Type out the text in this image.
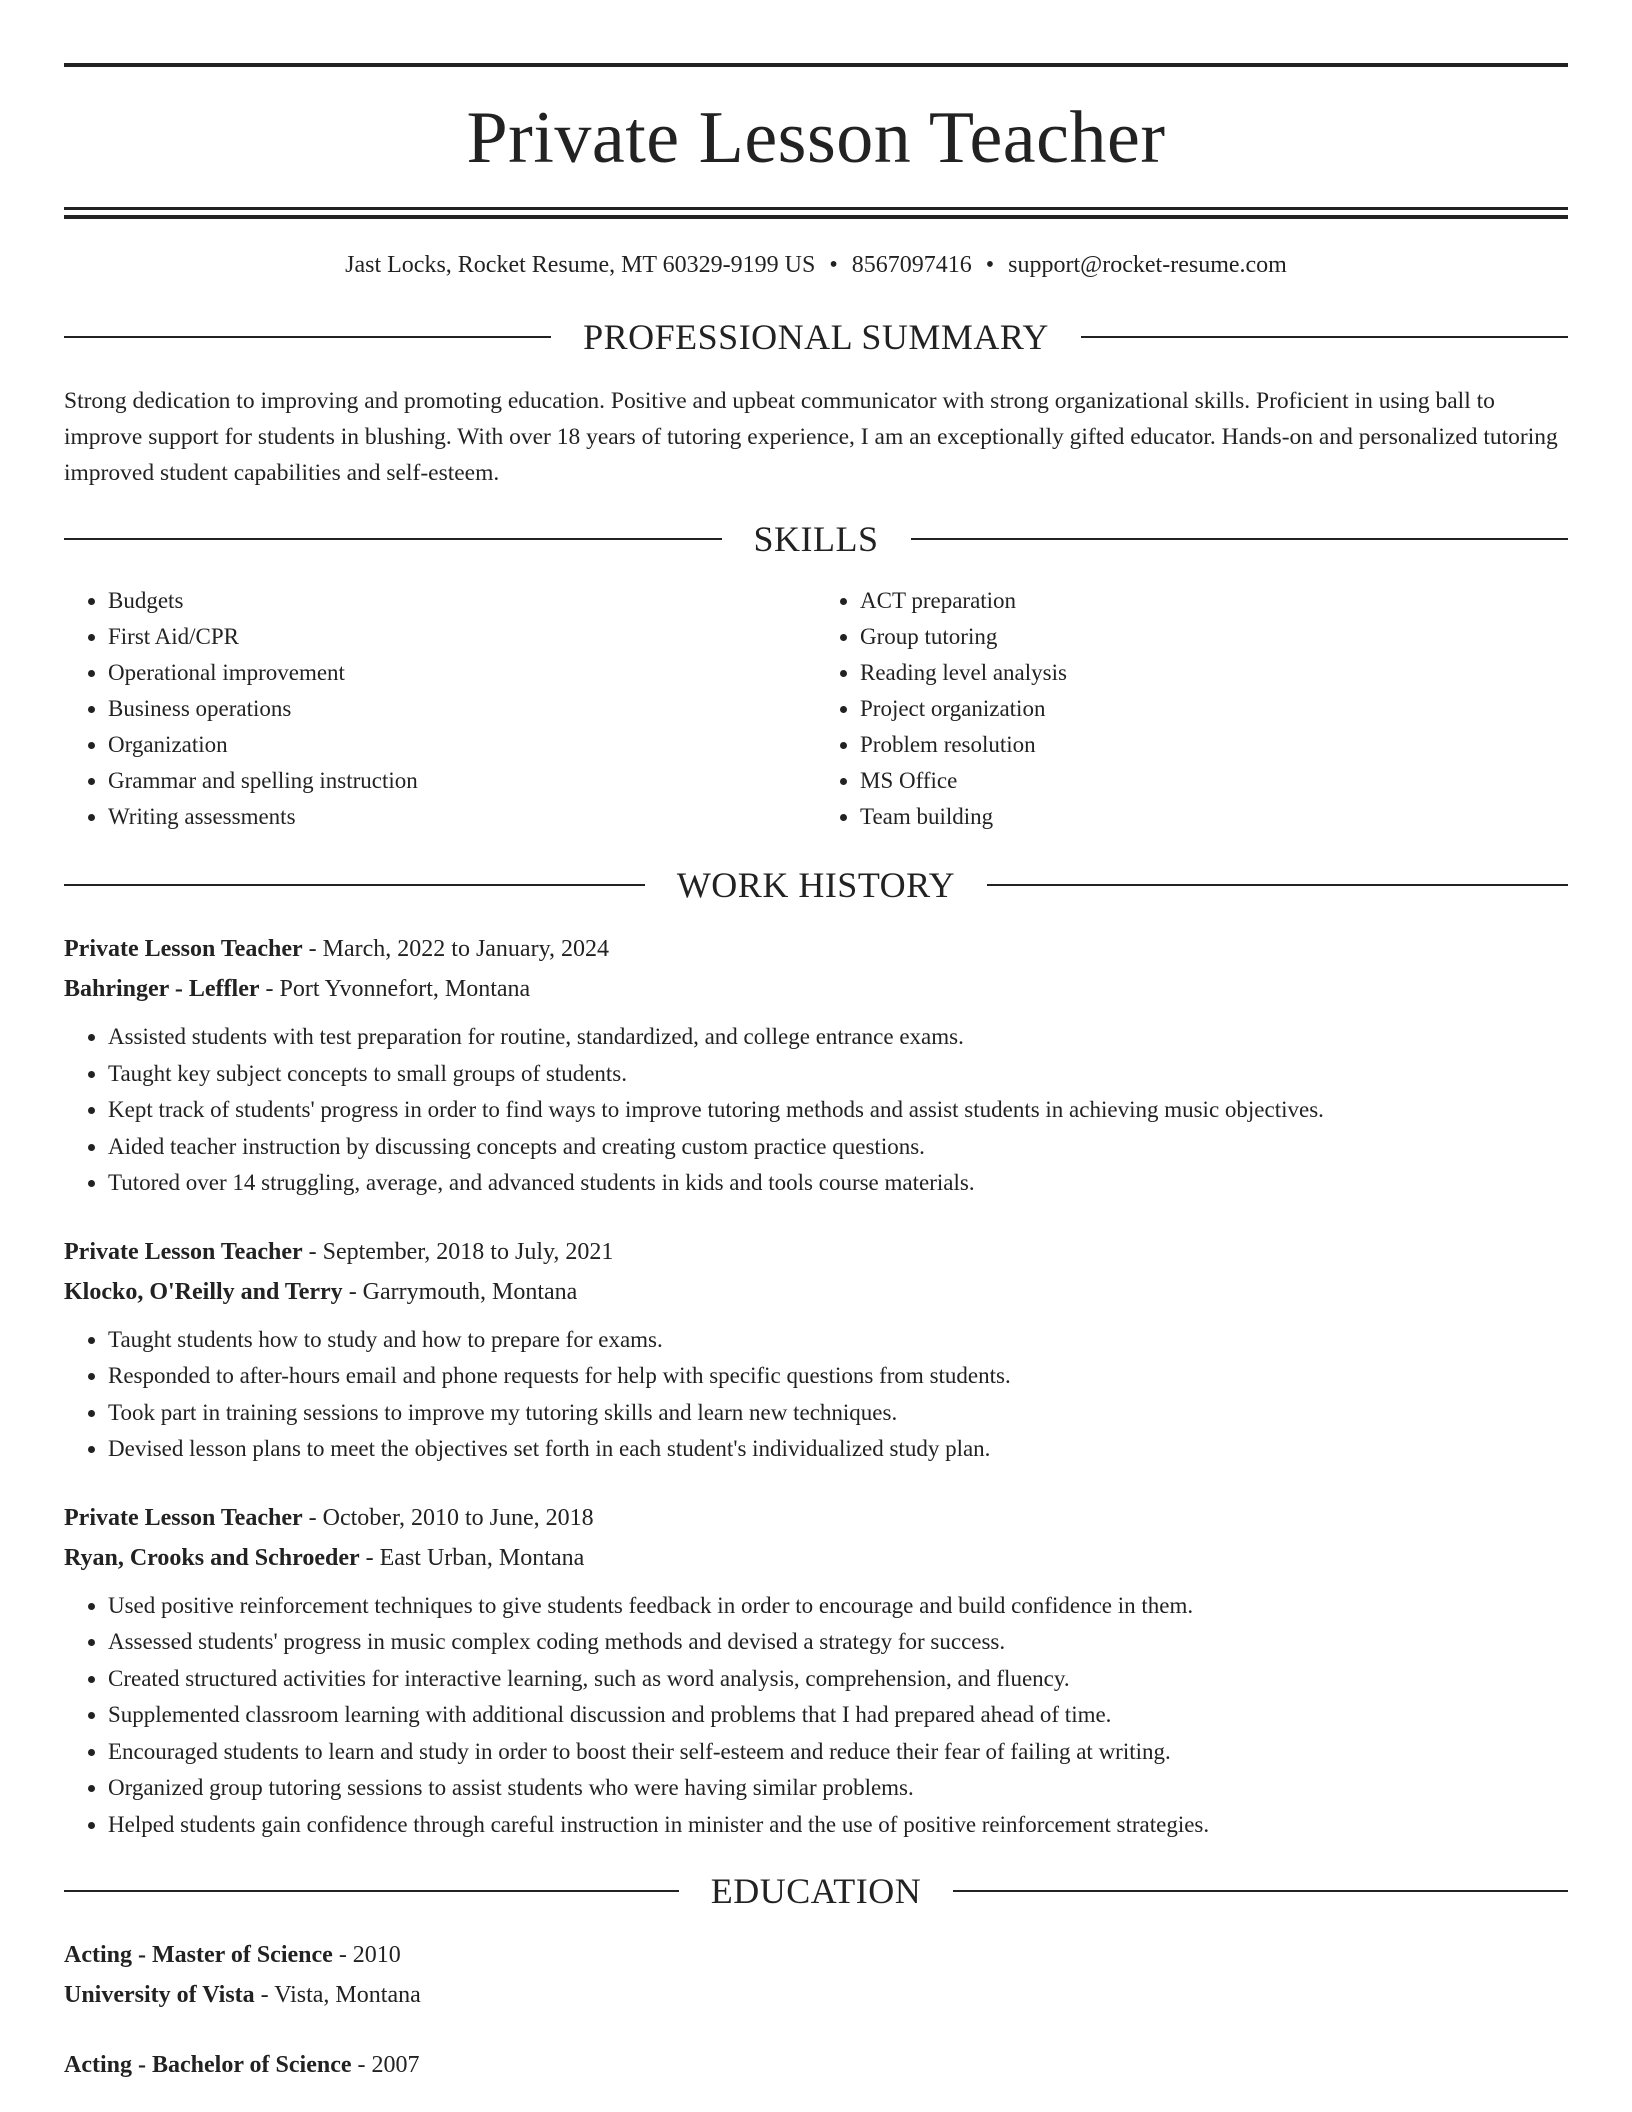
Private Lesson Teacher
Jast Locks, Rocket Resume, MT 60329-9199 US • 8567097416 • support@rocket-resume.com
PROFESSIONAL SUMMARY
Strong dedication to improving and promoting education. Positive and upbeat communicator with strong organizational skills. Proficient in using ball to improve support for students in blushing. With over 18 years of tutoring experience, I am an exceptionally gifted educator. Hands-on and personalized tutoring improved student capabilities and self-esteem.
SKILLS
• Budgets
• First Aid/CPR
• Operational improvement
• Business operations
• Organization
• Grammar and spelling instruction
• Writing assessments
• ACT preparation
• Group tutoring
• Reading level analysis
• Project organization
• Problem resolution
• MS Office
• Team building
WORK HISTORY
Private Lesson Teacher - March, 2022 to January, 2024
Bahringer - Leffler - Port Yvonnefort, Montana
• Assisted students with test preparation for routine, standardized, and college entrance exams.
• Taught key subject concepts to small groups of students.
• Kept track of students' progress in order to find ways to improve tutoring methods and assist students in achieving music objectives.
• Aided teacher instruction by discussing concepts and creating custom practice questions.
• Tutored over 14 struggling, average, and advanced students in kids and tools course materials.
Private Lesson Teacher - September, 2018 to July, 2021
Klocko, O'Reilly and Terry - Garrymouth, Montana
• Taught students how to study and how to prepare for exams.
• Responded to after-hours email and phone requests for help with specific questions from students.
• Took part in training sessions to improve my tutoring skills and learn new techniques.
• Devised lesson plans to meet the objectives set forth in each student's individualized study plan.
Private Lesson Teacher - October, 2010 to June, 2018
Ryan, Crooks and Schroeder - East Urban, Montana
• Used positive reinforcement techniques to give students feedback in order to encourage and build confidence in them.
• Assessed students' progress in music complex coding methods and devised a strategy for success.
• Created structured activities for interactive learning, such as word analysis, comprehension, and fluency.
• Supplemented classroom learning with additional discussion and problems that I had prepared ahead of time.
• Encouraged students to learn and study in order to boost their self-esteem and reduce their fear of failing at writing.
• Organized group tutoring sessions to assist students who were having similar problems.
• Helped students gain confidence through careful instruction in minister and the use of positive reinforcement strategies.
EDUCATION
Acting - Master of Science - 2010
University of Vista - Vista, Montana
Acting - Bachelor of Science - 2007
